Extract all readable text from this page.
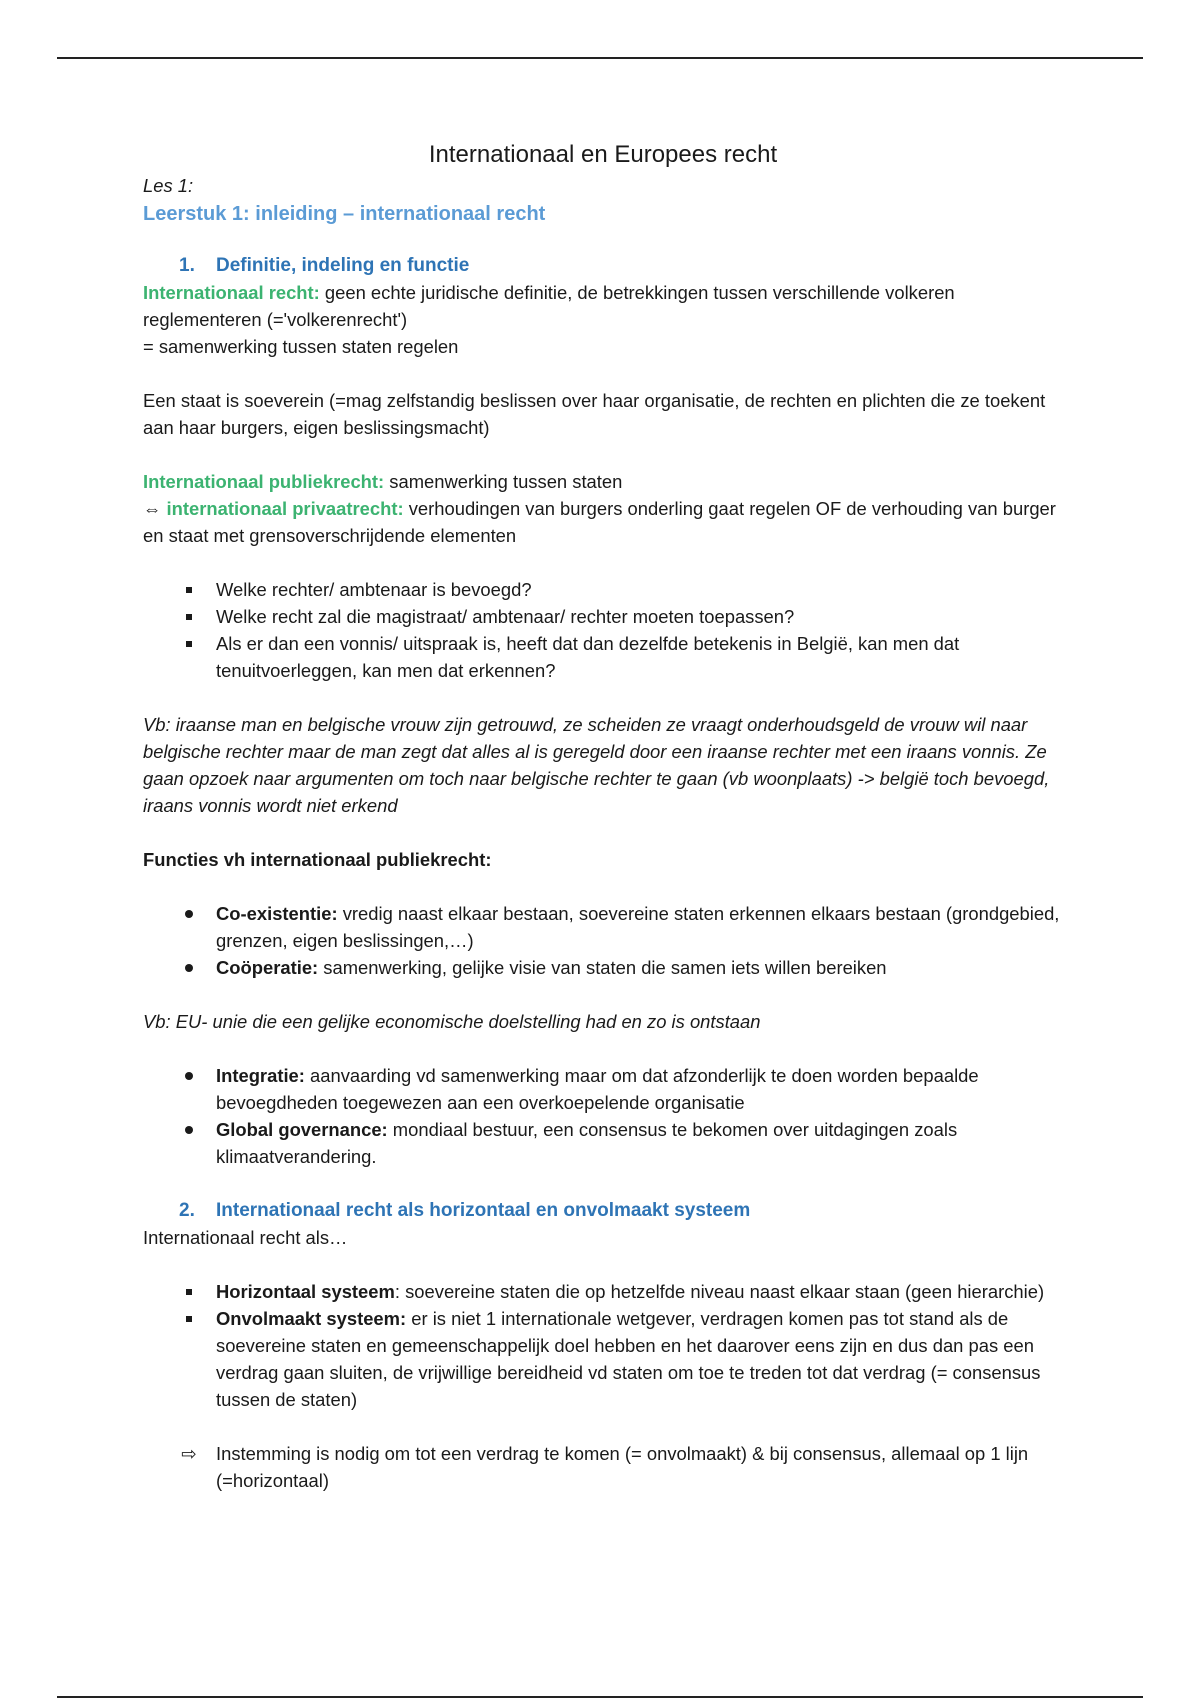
Internationaal en Europees recht

Les 1:

Leerstuk 1: inleiding – internationaal recht

1. Definitie, indeling en functie

Internationaal recht: geen echte juridische definitie, de betrekkingen tussen verschillende volkeren reglementeren (='volkerenrecht')

= samenwerking tussen staten regelen

Een staat is soeverein (=mag zelfstandig beslissen over haar organisatie, de rechten en plichten die ze toekent aan haar burgers, eigen beslissingsmacht)

Internationaal publiekrecht: samenwerking tussen staten

⇔ internationaal privaatrecht: verhoudingen van burgers onderling gaat regelen OF de verhouding van burger en staat met grensoverschrijdende elementen

Welke rechter/ ambtenaar is bevoegd?
Welke recht zal die magistraat/ ambtenaar/ rechter moeten toepassen?
Als er dan een vonnis/ uitspraak is, heeft dat dan dezelfde betekenis in België, kan men dat tenuitvoerleggen, kan men dat erkennen?

Vb: iraanse man en belgische vrouw zijn getrouwd, ze scheiden ze vraagt onderhoudsgeld de vrouw wil naar belgische rechter maar de man zegt dat alles al is geregeld door een iraanse rechter met een iraans vonnis. Ze gaan opzoek naar argumenten om toch naar belgische rechter te gaan (vb woonplaats) -> belgië toch bevoegd, iraans vonnis wordt niet erkend

Functies vh internationaal publiekrecht:

Co-existentie: vredig naast elkaar bestaan, soevereine staten erkennen elkaars bestaan (grondgebied, grenzen, eigen beslissingen,…)
Coöperatie: samenwerking, gelijke visie van staten die samen iets willen bereiken

Vb: EU- unie die een gelijke economische doelstelling had en zo is ontstaan

Integratie: aanvaarding vd samenwerking maar om dat afzonderlijk te doen worden bepaalde bevoegdheden toegewezen aan een overkoepelende organisatie
Global governance: mondiaal bestuur, een consensus te bekomen over uitdagingen zoals klimaatverandering.

2. Internationaal recht als horizontaal en onvolmaakt systeem

Internationaal recht als…

Horizontaal systeem: soevereine staten die op hetzelfde niveau naast elkaar staan (geen hierarchie)
Onvolmaakt systeem: er is niet 1 internationale wetgever, verdragen komen pas tot stand als de soevereine staten en gemeenschappelijk doel hebben en het daarover eens zijn en dus dan pas een verdrag gaan sluiten, de vrijwillige bereidheid vd staten om toe te treden tot dat verdrag (= consensus tussen de staten)
⇨ Instemming is nodig om tot een verdrag te komen (= onvolmaakt) & bij consensus, allemaal op 1 lijn (=horizontaal)
